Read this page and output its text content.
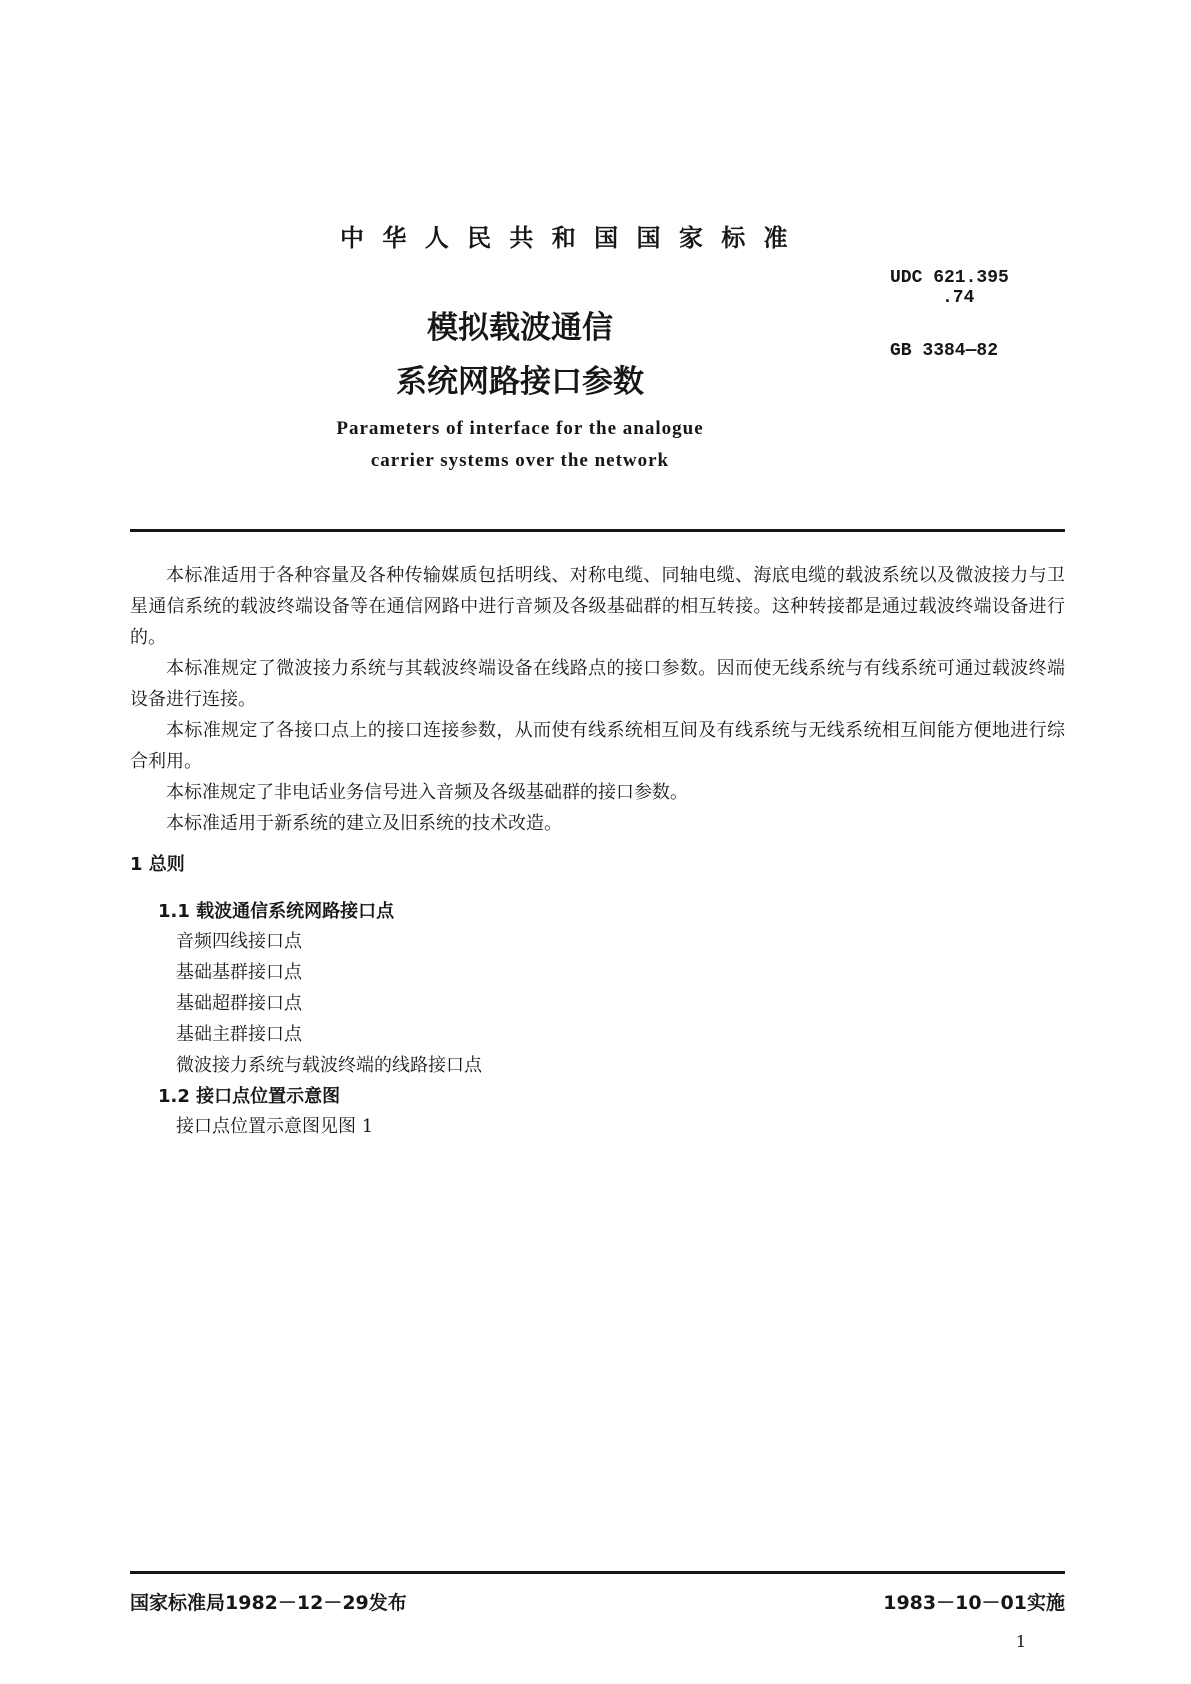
中 华 人 民 共 和 国 国 家 标 准
模拟载波通信
系统网路接口参数
UDC 621.395
.74
GB 3384—82
Parameters of interface for the analogue
carrier systems over the network

本标准适用于各种容量及各种传输媒质包括明线、对称电缆、同轴电缆、海底电缆的载波系统以及微波接力与卫星通信系统的载波终端设备等在通信网路中进行音频及各级基础群的相互转接。这种转接都是通过载波终端设备进行的。

本标准规定了微波接力系统与其载波终端设备在线路点的接口参数。因而使无线系统与有线系统可通过载波终端设备进行连接。

本标准规定了各接口点上的接口连接参数，从而使有线系统相互间及有线系统与无线系统相互间能方便地进行综合利用。

本标准规定了非电话业务信号进入音频及各级基础群的接口参数。

本标准适用于新系统的建立及旧系统的技术改造。

1 总则
1.1 载波通信系统网路接口点
音频四线接口点
基础基群接口点
基础超群接口点
基础主群接口点
微波接力系统与载波终端的线路接口点
1.2 接口点位置示意图
接口点位置示意图见图 1
国家标准局1982－12－29发布	1983－10－01实施
1
